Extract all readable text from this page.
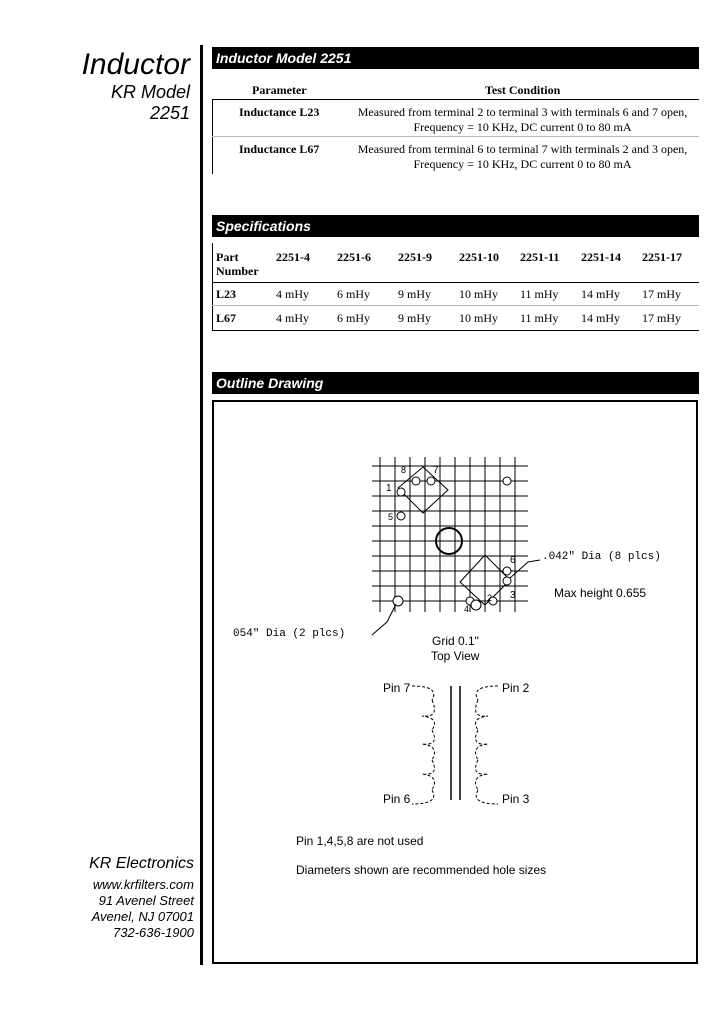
Inductor
KR Model
2251
KR Electronics
www.krfilters.com
91 Avenel Street
Avenel, NJ 07001
732-636-1900
Inductor Model 2251
Parameter	Test Condition
Inductance L23	Measured from terminal 2 to terminal 3 with terminals 6 and 7 open,
Frequency = 10 KHz, DC current 0 to 80 mA
Inductance L67	Measured from terminal 6 to terminal 7 with terminals 2 and 3 open,
Frequency = 10 KHz, DC current 0 to 80 mA
Specifications
Part
Number
2251-4 2251-6 2251-9 2251-10 2251-11 2251-14 2251-17
L23	4 mHy 6 mHy 9 mHy 10 mHy 11 mHy 14 mHy 17 mHy
L67	4 mHy 6 mHy 9 mHy 10 mHy 11 mHy 14 mHy 17 mHy
Outline Drawing
1
8	7
5
6
3
4
2
.042" Dia (8 plcs)
Max height 0.655
054" Dia (2 plcs)	Grid 0.1"
Top View
Pin 7	Pin 2
Pin 6	Pin 3
Pin 1,4,5,8 are not used
Diameters shown are recommended hole sizes
